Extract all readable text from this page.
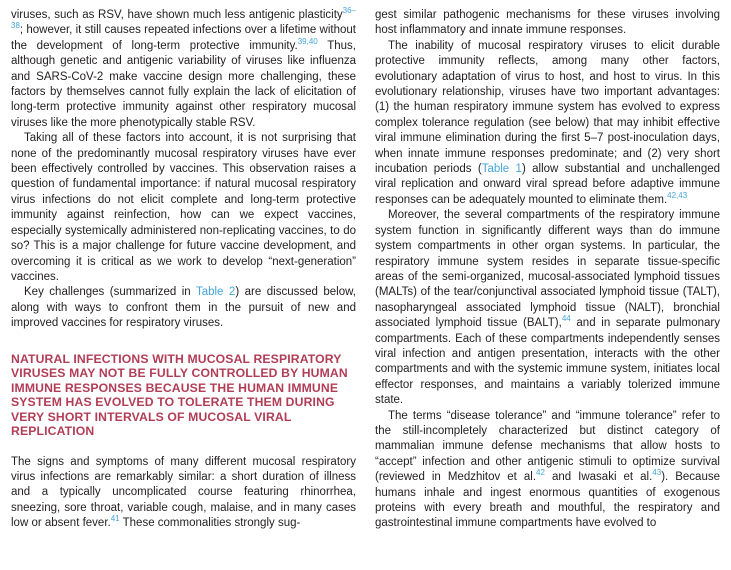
viruses, such as RSV, have shown much less antigenic plasticity$^{36-38}$; however, it still causes repeated infections over a lifetime without the development of long-term protective immunity.$^{39,40}$ Thus, although genetic and antigenic variability of viruses like influenza and SARS-CoV-2 make vaccine design more challenging, these factors by themselves cannot fully explain the lack of elicitation of long-term protective immunity against other respiratory mucosal viruses like the more phenotypically stable RSV.

Taking all of these factors into account, it is not surprising that none of the predominantly mucosal respiratory viruses have ever been effectively controlled by vaccines. This observation raises a question of fundamental importance: if natural mucosal respiratory virus infections do not elicit complete and long-term protective immunity against reinfection, how can we expect vaccines, especially systemically administered non-replicating vaccines, to do so? This is a major challenge for future vaccine development, and overcoming it is critical as we work to develop “next-generation” vaccines.

Key challenges (summarized in Table 2) are discussed below, along with ways to confront them in the pursuit of new and improved vaccines for respiratory viruses.

NATURAL INFECTIONS WITH MUCOSAL RESPIRATORY VIRUSES MAY NOT BE FULLY CONTROLLED BY HUMAN IMMUNE RESPONSES BECAUSE THE HUMAN IMMUNE SYSTEM HAS EVOLVED TO TOLERATE THEM DURING VERY SHORT INTERVALS OF MUCOSAL VIRAL REPLICATION

The signs and symptoms of many different mucosal respiratory virus infections are remarkably similar: a short duration of illness and a typically uncomplicated course featuring rhinorrhea, sneezing, sore throat, variable cough, malaise, and in many cases low or absent fever.$^{41}$ These commonalities strongly sug-

gest similar pathogenic mechanisms for these viruses involving host inflammatory and innate immune responses.

The inability of mucosal respiratory viruses to elicit durable protective immunity reflects, among many other factors, evolutionary adaptation of virus to host, and host to virus. In this evolutionary relationship, viruses have two important advantages: (1) the human respiratory immune system has evolved to express complex tolerance regulation (see below) that may inhibit effective viral immune elimination during the first 5–7 post-inoculation days, when innate immune responses predominate; and (2) very short incubation periods (Table 1) allow substantial and unchallenged viral replication and onward viral spread before adaptive immune responses can be adequately mounted to eliminate them.$^{42,43}$

Moreover, the several compartments of the respiratory immune system function in significantly different ways than do immune system compartments in other organ systems. In particular, the respiratory immune system resides in separate tissue-specific areas of the semi-organized, mucosal-associated lymphoid tissues (MALTs) of the tear/conjunctival associated lymphoid tissue (TALT), nasopharyngeal associated lymphoid tissue (NALT), bronchial associated lymphoid tissue (BALT),$^{44}$ and in separate pulmonary compartments. Each of these compartments independently senses viral infection and antigen presentation, interacts with the other compartments and with the systemic immune system, initiates local effector responses, and maintains a variably tolerized immune state.

The terms “disease tolerance” and “immune tolerance” refer to the still-incompletely characterized but distinct category of mammalian immune defense mechanisms that allow hosts to “accept” infection and other antigenic stimuli to optimize survival (reviewed in Medzhitov et al.$^{42}$ and Iwasaki et al.$^{43}$). Because humans inhale and ingest enormous quantities of exogenous proteins with every breath and mouthful, the respiratory and gastrointestinal immune compartments have evolved to
